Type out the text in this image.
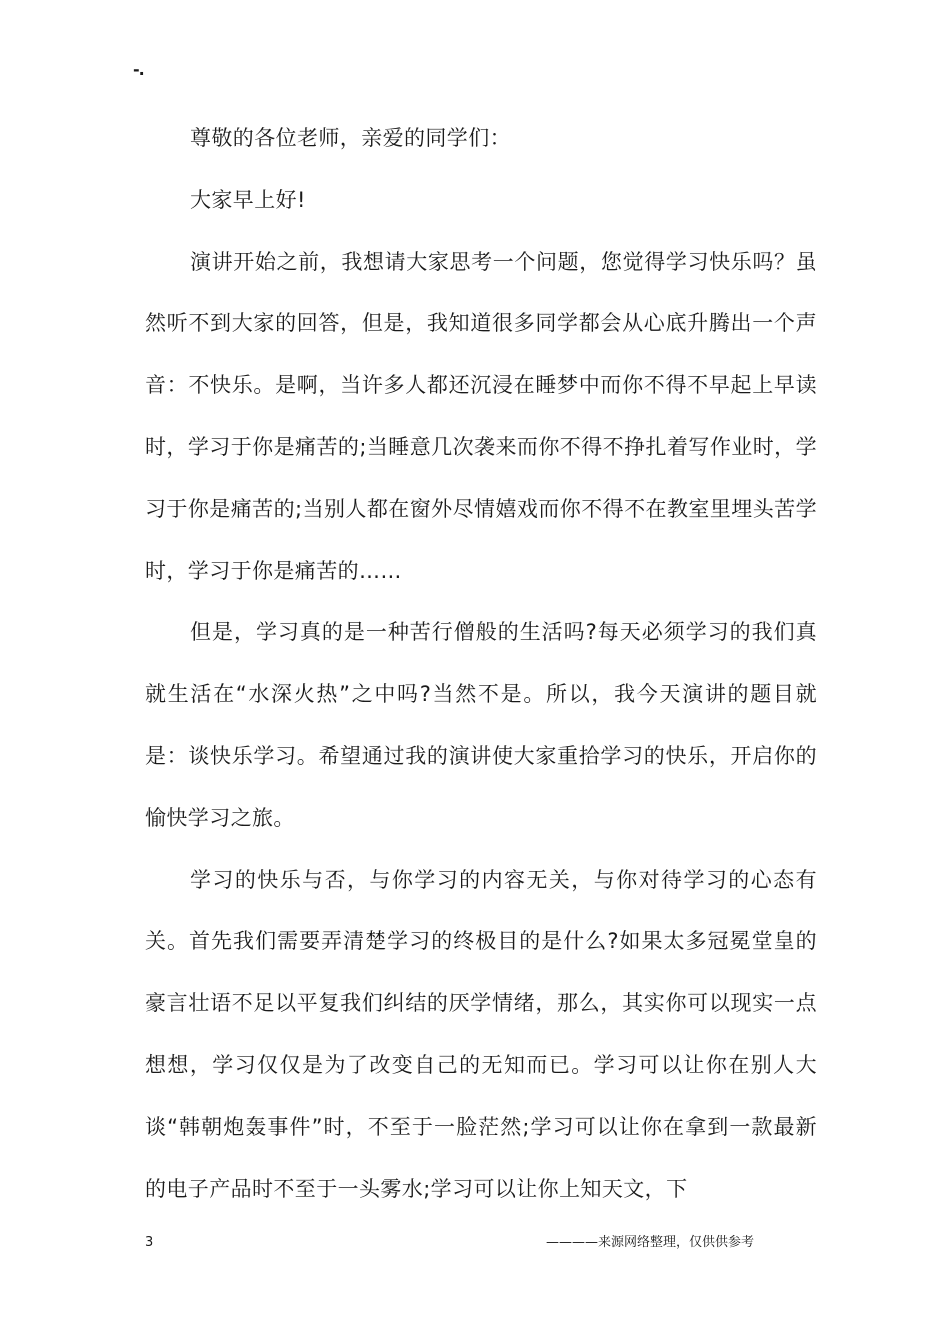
-.

尊敬的各位老师，亲爱的同学们：

大家早上好!

演讲开始之前，我想请大家思考一个问题，您觉得学习快乐吗？虽然听不到大家的回答，但是，我知道很多同学都会从心底升腾出一个声音：不快乐。是啊，当许多人都还沉浸在睡梦中而你不得不早起上早读时，学习于你是痛苦的;当睡意几次袭来而你不得不挣扎着写作业时，学习于你是痛苦的;当别人都在窗外尽情嬉戏而你不得不在教室里埋头苦学时，学习于你是痛苦的……

但是，学习真的是一种苦行僧般的生活吗?每天必须学习的我们真就生活在“水深火热”之中吗?当然不是。所以，我今天演讲的题目就是：谈快乐学习。希望通过我的演讲使大家重拾学习的快乐，开启你的愉快学习之旅。

学习的快乐与否，与你学习的内容无关，与你对待学习的心态有关。首先我们需要弄清楚学习的终极目的是什么?如果太多冠冕堂皇的豪言壮语不足以平复我们纠结的厌学情绪，那么，其实你可以现实一点想想，学习仅仅是为了改变自己的无知而已。学习可以让你在别人大谈“韩朝炮轰事件”时，不至于一脸茫然;学习可以让你在拿到一款最新的电子产品时不至于一头雾水;学习可以让你上知天文，下

3	————来源网络整理，仅供供参考
